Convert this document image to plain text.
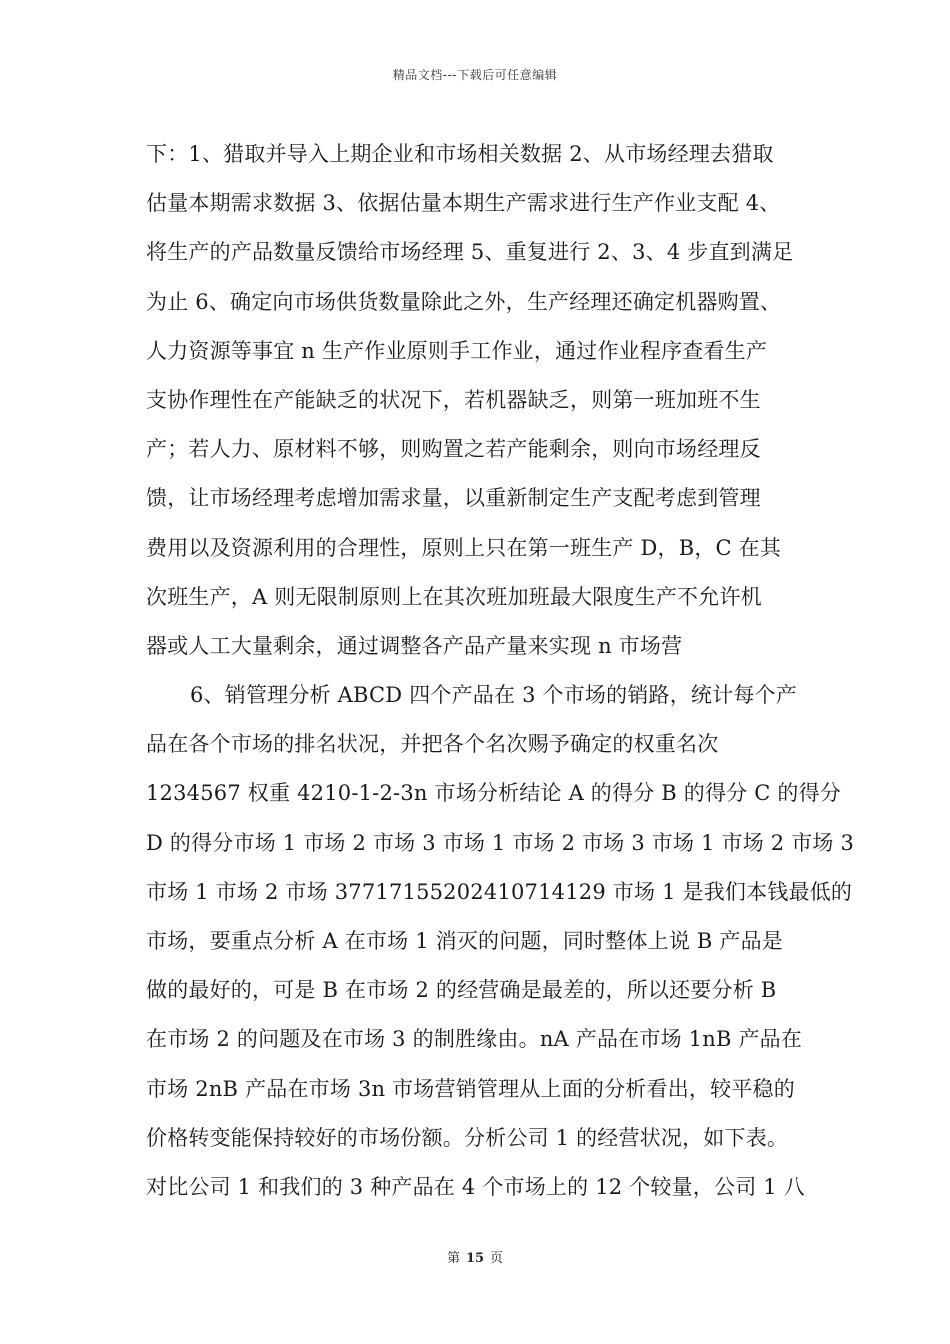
精品文档---下载后可任意编辑
下：1、猎取并导入上期企业和市场相关数据 2、从市场经理去猎取
估量本期需求数据 3、依据估量本期生产需求进行生产作业支配 4、
将生产的产品数量反馈给市场经理 5、重复进行 2、3、4 步直到满足
为止 6、确定向市场供货数量除此之外，生产经理还确定机器购置、
人力资源等事宜 n 生产作业原则手工作业，通过作业程序查看生产
支协作理性在产能缺乏的状况下，若机器缺乏，则第一班加班不生
产；若人力、原材料不够，则购置之若产能剩余，则向市场经理反
馈，让市场经理考虑增加需求量，以重新制定生产支配考虑到管理
费用以及资源利用的合理性，原则上只在第一班生产 D，B，C 在其
次班生产，A 则无限制原则上在其次班加班最大限度生产不允许机
器或人工大量剩余，通过调整各产品产量来实现 n 市场营
6、销管理分析 ABCD 四个产品在 3 个市场的销路，统计每个产
品在各个市场的排名状况，并把各个名次赐予确定的权重名次
1234567 权重 4210-1-2-3n 市场分析结论 A 的得分 B 的得分 C 的得分
D 的得分市场 1 市场 2 市场 3 市场 1 市场 2 市场 3 市场 1 市场 2 市场 3
市场 1 市场 2 市场 37717155202410714129 市场 1 是我们本钱最低的
市场，要重点分析 A 在市场 1 消灭的问题，同时整体上说 B 产品是
做的最好的，可是 B 在市场 2 的经营确是最差的，所以还要分析 B
在市场 2 的问题及在市场 3 的制胜缘由。nA 产品在市场 1nB 产品在
市场 2nB 产品在市场 3n 市场营销管理从上面的分析看出，较平稳的
价格转变能保持较好的市场份额。分析公司 1 的经营状况，如下表。
对比公司 1 和我们的 3 种产品在 4 个市场上的 12 个较量，公司 1 八
第 15 页
